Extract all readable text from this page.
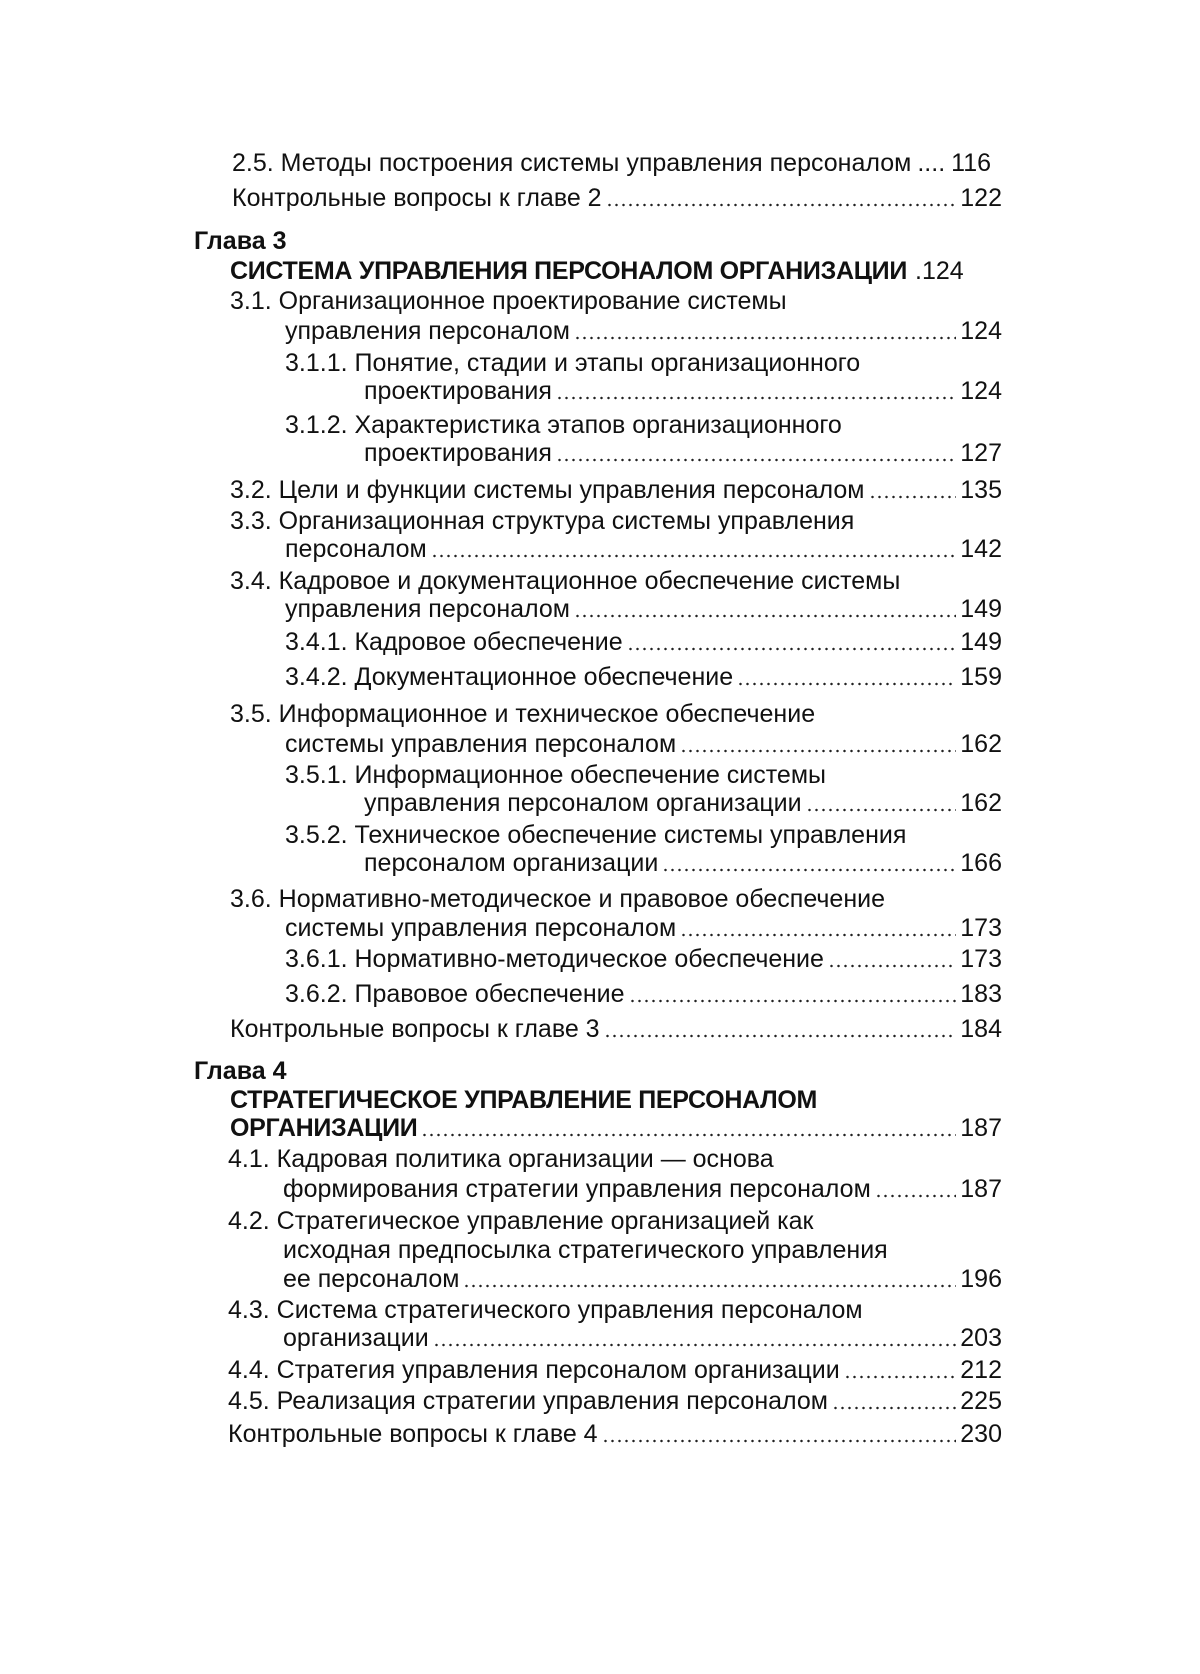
2.5. Методы построения системы управления персоналом .... 116
Контрольные вопросы к главе 2	122
Глава 3
СИСТЕМА УПРАВЛЕНИЯ ПЕРСОНАЛОМ ОРГАНИЗАЦИИ . 124
3.1. Организационное проектирование системы
управления персоналом	124
3.1.1. Понятие, стадии и этапы организационного
проектирования	124
3.1.2. Характеристика этапов организационного
проектирования	127
3.2. Цели и функции системы управления персоналом	135
3.3. Организационная структура системы управления
персоналом	142
3.4. Кадровое и документационное обеспечение системы
управления персоналом	149
3.4.1. Кадровое обеспечение	149
3.4.2. Документационное обеспечение	159
3.5. Информационное и техническое обеспечение
системы управления персоналом	162
3.5.1. Информационное обеспечение системы
управления персоналом организации	162
3.5.2. Техническое обеспечение системы управления
персоналом организации	166
3.6. Нормативно-методическое и правовое обеспечение
системы управления персоналом	173
3.6.1. Нормативно-методическое обеспечение	173
3.6.2. Правовое обеспечение	183
Контрольные вопросы к главе 3	184
Глава 4
СТРАТЕГИЧЕСКОЕ УПРАВЛЕНИЕ ПЕРСОНАЛОМ
ОРГАНИЗАЦИИ	187
4.1. Кадровая политика организации — основа
формирования стратегии управления персоналом	187
4.2. Стратегическое управление организацией как
исходная предпосылка стратегического управления
ее персоналом	196
4.3. Система стратегического управления персоналом
организации	203
4.4. Стратегия управления персоналом организации	212
4.5. Реализация стратегии управления персоналом	225
Контрольные вопросы к главе 4	230
